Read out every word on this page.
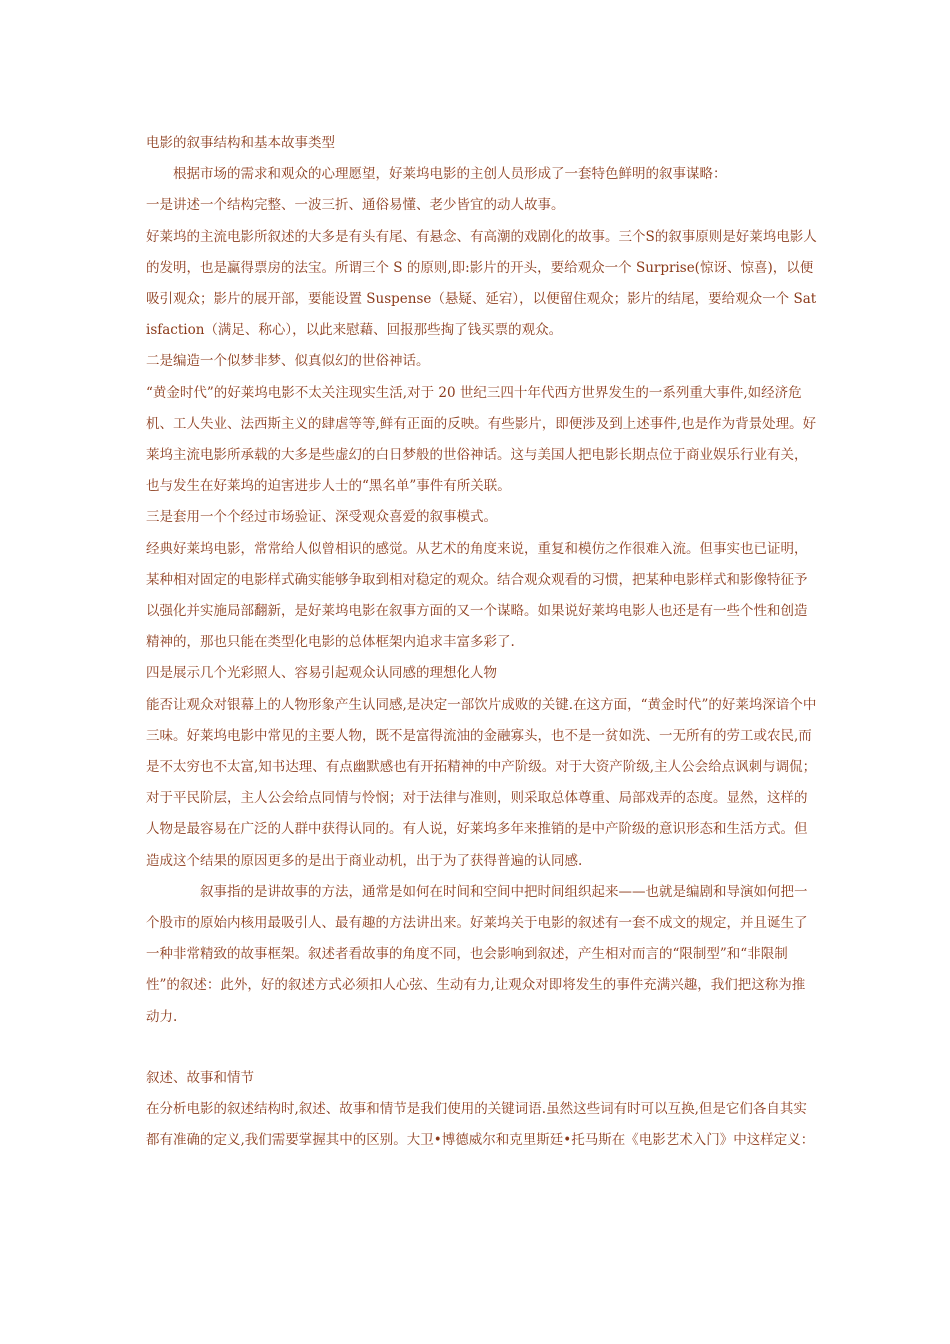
电影的叙事结构和基本故事类型

根据市场的需求和观众的心理愿望，好莱坞电影的主创人员形成了一套特色鲜明的叙事谋略：

一是讲述一个结构完整、一波三折、通俗易懂、老少皆宜的动人故事。

好莱坞的主流电影所叙述的大多是有头有尾、有悬念、有高潮的戏剧化的故事。三个S的叙事原则是好莱坞电影人的发明，也是赢得票房的法宝。所谓三个 S 的原则,即:影片的开头，要给观众一个 Surprise(惊讶、惊喜)，以便吸引观众；影片的展开部，要能设置 Suspense（悬疑、延宕），以便留住观众；影片的结尾，要给观众一个 Satisfaction（满足、称心），以此来慰藉、回报那些掏了钱买票的观众。

二是编造一个似梦非梦、似真似幻的世俗神话。

“黄金时代”的好莱坞电影不太关注现实生活,对于 20 世纪三四十年代西方世界发生的一系列重大事件,如经济危机、工人失业、法西斯主义的肆虐等等,鲜有正面的反映。有些影片，即便涉及到上述事件,也是作为背景处理。好莱坞主流电影所承载的大多是些虚幻的白日梦般的世俗神话。这与美国人把电影长期点位于商业娱乐行业有关，也与发生在好莱坞的迫害进步人士的“黑名单”事件有所关联。

三是套用一个个经过市场验证、深受观众喜爱的叙事模式。

经典好莱坞电影，常常给人似曾相识的感觉。从艺术的角度来说，重复和模仿之作很难入流。但事实也已证明，某种相对固定的电影样式确实能够争取到相对稳定的观众。结合观众观看的习惯，把某种电影样式和影像特征予以强化并实施局部翻新，是好莱坞电影在叙事方面的又一个谋略。如果说好莱坞电影人也还是有一些个性和创造精神的，那也只能在类型化电影的总体框架内追求丰富多彩了.

四是展示几个光彩照人、容易引起观众认同感的理想化人物

能否让观众对银幕上的人物形象产生认同感,是决定一部饮片成败的关键.在这方面，“黄金时代”的好莱坞深谙个中三味。好莱坞电影中常见的主要人物，既不是富得流油的金融寡头，也不是一贫如洗、一无所有的劳工或农民,而是不太穷也不太富,知书达理、有点幽默感也有开拓精神的中产阶级。对于大资产阶级,主人公会给点讽刺与调侃；对于平民阶层，主人公会给点同情与怜悯；对于法律与准则，则采取总体尊重、局部戏弄的态度。显然，这样的人物是最容易在广泛的人群中获得认同的。有人说，好莱坞多年来推销的是中产阶级的意识形态和生活方式。但造成这个结果的原因更多的是出于商业动机，出于为了获得普遍的认同感.

叙事指的是讲故事的方法，通常是如何在时间和空间中把时间组织起来——也就是编剧和导演如何把一个股市的原始内核用最吸引人、最有趣的方法讲出来。好莱坞关于电影的叙述有一套不成文的规定，并且诞生了一种非常精致的故事框架。叙述者看故事的角度不同，也会影响到叙述，产生相对而言的“限制型”和“非限制性”的叙述：此外，好的叙述方式必须扣人心弦、生动有力,让观众对即将发生的事件充满兴趣，我们把这称为推动力.

叙述、故事和情节

在分析电影的叙述结构时,叙述、故事和情节是我们使用的关键词语.虽然这些词有时可以互换,但是它们各自其实都有准确的定义,我们需要掌握其中的区别。大卫•博德威尔和克里斯廷•托马斯在《电影艺术入门》中这样定义：
